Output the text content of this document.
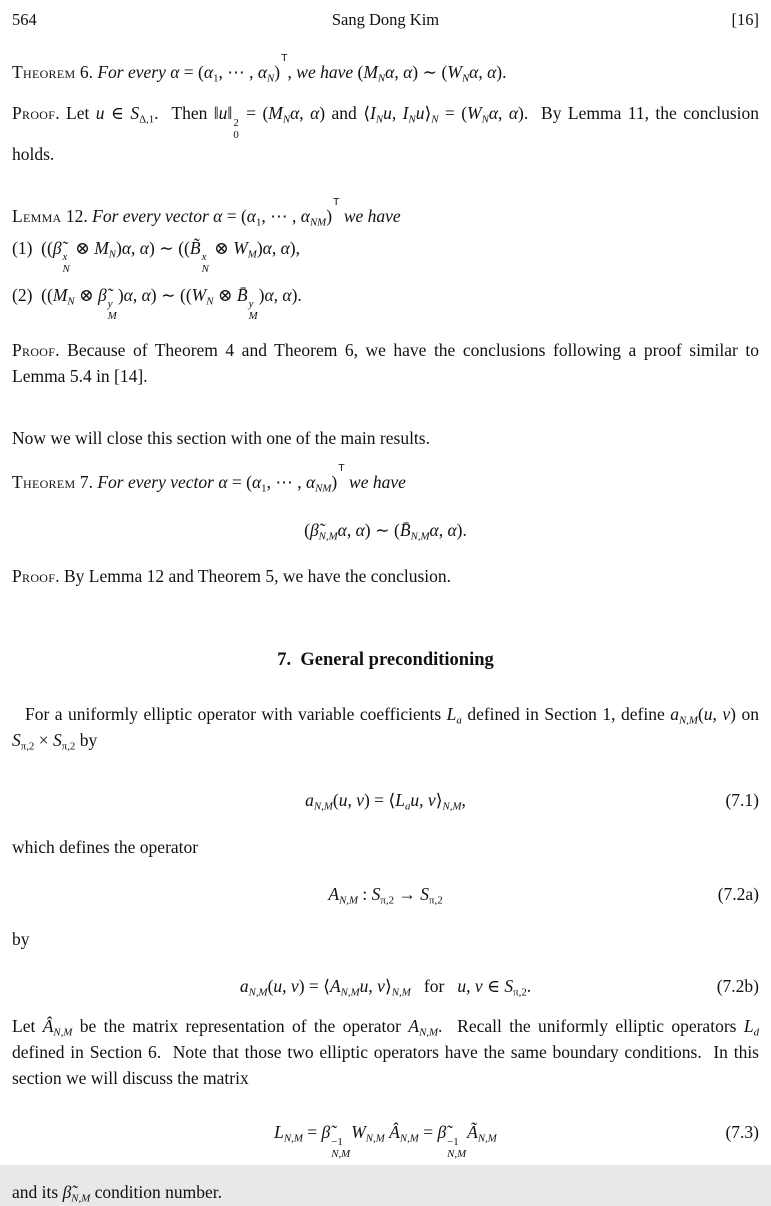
564	Sang Dong Kim	[16]
Theorem 6. For every $\alpha = (\alpha_1$, ⋯ , $\alpha_N)^T$, we have ($M_N\alpha$, α) ∼ ($W_N\alpha$, α).
Proof. Let u ∈ $S_{\Delta,1}$.  Then ‖u‖ 2
0
= ($M_N\alpha$, α) and $⟨I_Nu$, $I_Nu⟩_N = (W_N\alpha$, α).  By Lemma 11, the conclusion holds.
Lemma 12. For every vector $\alpha = (\alpha_1$, ⋯ , $\alpha_{NM})^T$ we have
(1)  ((β̃ x
N
⊗ $M_N)\alpha$, α) ∼ ((B̃ x
N
⊗ $W_M)\alpha$, α),
(2)  (($M_N$ ⊗ β̃ y
M
)α, α) ∼ (($W_N$ ⊗ B̄ y
M
)α, α).
Proof. Because of Theorem 4 and Theorem 6, we have the conclusions following a proof similar to Lemma 5.4 in [14].
Now we will close this section with one of the main results.
Theorem 7. For every vector $\alpha = (\alpha_1$, ⋯ , $\alpha_{NM})^T$ we have
($\betã_{N,M}\alpha$, α) ∼ ($B̄_{N,M}\alpha$, α).
Proof. By Lemma 12 and Theorem 5, we have the conclusion.
7.  General preconditioning
For a uniformly elliptic operator with variable coefficients $L_a$ defined in Section 1, define $a_{N,M}(u$, v) on $S_{\pi,2} \times S_{\pi,2}$ by
$a_{N,M}(u$, $v) = ⟨L_au$, $v⟩_{N,M}$,	(7.1)
which defines the operator
$A_{N,M}$ : $S_{\pi,2} \to S_{\pi,2}$	(7.2a)
by
$a_{N,M}(u$, $v) = ⟨A_{N,M}u$, $v⟩_{N,M}$   for   u, v ∈ $S_{\pi,2}$.	(7.2b)
Let $Â_{N,M}$ be the matrix representation of the operator $A_{N,M}$.  Recall the uniformly elliptic operators $L_d$ defined in Section 6.  Note that those two elliptic operators have the same boundary conditions.  In this section we will discuss the matrix
$L_{N,M}$ = β̃ −1
N,M
$W_{N,M}$ $Â_{N,M}$ = β̃ −1
N,M
$Ã_{N,M}$	(7.3)
and its $\betã_{N,M}$ condition number.
